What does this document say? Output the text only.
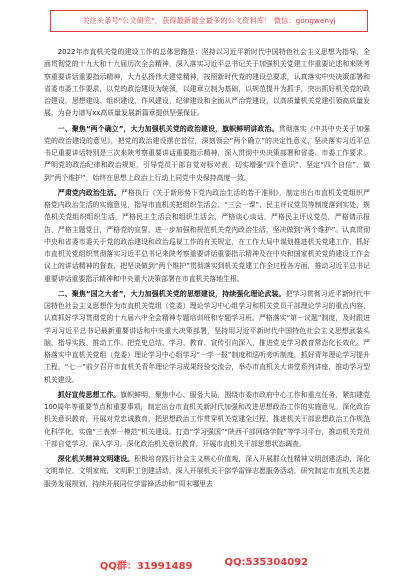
关注头条号"公文研究"，获得最新最全最多的公文资料库！ 微信：gongwenyj

2022年市直机关党的建设工作的总体思路是：坚持以习近平新时代中国特色社会主义思想为指导，全面贯彻党的十九大和十九届历次全会精神，深入落实习近平总书记关于加强机关党建工作重要论述和来陕考察重要讲话重要指示精神，大力弘扬伟大建党精神，按照新时代党的建设总要求，认真落实中央决策部署和省委市委工作要求，以党的政治建设为统领，以建章立制为基础，以规范提升为抓手，突出抓好机关党的政治建设、思想建设、组织建设、作风建设、纪律建设和全面从严治党建设，以高质量机关党建引领高质量发展，为奋力谱写xx高质量发展新篇章提供坚强保证。

一、聚焦“两个确立”，大力加强机关党的政治建设，旗帜鲜明讲政治。贯彻落实《中共中央关于加强党的政治建设的意见》，把党的政治建设摆在首位，深刻领会“两个确立”的决定性意义，坚决落实习近平总书记重要讲话特别是三次来陕考察重要讲话重要指示精神，深入贯彻中央决策部署和省委、市委工作要求。严明党的政治纪律和政治规矩，引导党员干部自觉对标对表，切实增强“四个意识”、坚定“四个自信”、做到“两个维护”，始终在思想上政治上行动上同党中央保持高度一致。

严肃党内政治生活。严格执行《关于新形势下党内政治生活的若干准则》，制定出台市直机关党组织严格党内政治生活的实施意见，指导市直机关把组织生活会、“三会一课”、民主评议党员等制度落到实处，规范机关党组织组织生活，严格民主生活会和组织生活会，严格谈心谈话，严格民主评议党员，严格请示报告，严格主题党日，严格党的宣誓。进一步加强和规范机关党内政治生活，坚决做到“两个维护”。认真贯彻中央和省委市委关于党的政治建设和政治巡视工作的有关规定，在工作大局中谋划推进机关党建工作，抓好市直机关党组织贯彻落实习近平总书记来陕考察重要讲话重要指示精神及在中央和国家机关党的建设工作会议上的讲话精神的督查，把坚决做到“两个维护”贯彻落实到机关党建工作全过程各方面，推动习近平总书记重要讲话重要指示精神和中央重大决策部署在市直机关落地生根。

二、聚焦“国之大者”，大力加强机关党的思想建设，持续强化理论武装。把学习贯彻习近平新时代中国特色社会主义思想作为市直机关党组（党委）理论学习中心组学习和机关党员干部理论学习的重点内容，认真抓好学习贯彻党的十九届六中全会精神专题培训班和专题学习班。严格落实“第一议题”制度，及时跟进学习习近平总书记最新重要讲话和中央重大决策部署，坚持用习近平新时代中国特色社会主义思想武装头脑、指导实践、推动工作。把党史总结、学习、教育、宣传引向深入，推进党史学习教育常态化长效化。严格落实中直机关党组（党委）理论学习中心组学习“一学一报”制度和巡听旁听制度，抓好青年理论学习提升工程，“七一”前夕召开市直机关青年理论学习成果经验交流会，举办市直机关大讲堂系列讲座，推动学习型机关建设。

抓好宣传思想工作。旗帜鲜明，聚焦中心、服务大局，围绕市委市政府中心工作和重点任务，紧扣建党100周年等重要节点和重要事项，制定出台市直机关新时代加强和改进思想政治工作的实施意见。深化政治机关意识教育，开展对党忠诚教育，把思想政治工作贯穿机关党建全过程，推进机关干部思想政治工作规范化科学化，实施“三表率一模范”机关建设。打造“学习强国”“陕西干部网络学院”等学习平台，推动机关党员干部自觉学习、深入学习。深化政治机关意识教育，开展市直机关干部思想状态调查。

深化机关精神文明建设。积极培育践行社会主义核心价值观，深入开展群众性精神文明创建活动，深化文明单位、文明家庭、文明职工创建活动，深入开展机关干部学雷锋志愿服务活动，研究制定市直机关志愿服务发展规划，持续开展同位学雷锋活动和“周末哪里去

QQ群：31991489	QQ:535304092
